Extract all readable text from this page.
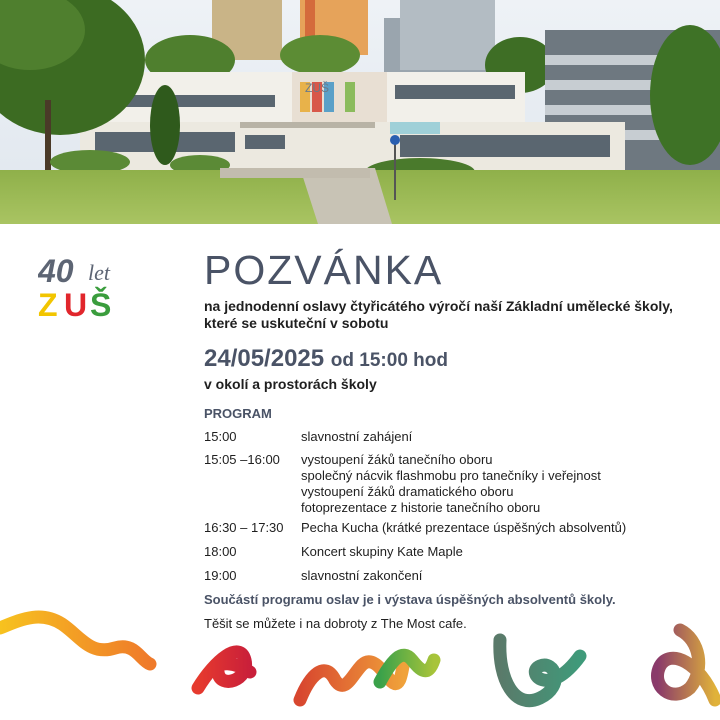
ZUŠ
40 let
Z U Š
POZVÁNKA
na jednodenní oslavy čtyřicátého výročí naší Základní umělecké školy,
které se uskuteční v sobotu
24/05/2025 od 15:00 hod
v okolí a prostorách školy
PROGRAM
15:00	slavnostní zahájení
15:05 –16:00	vystoupení žáků tanečního oboru
společný nácvik flashmobu pro tanečníky i veřejnost
vystoupení žáků dramatického oboru
fotoprezentace z historie tanečního oboru
16:30 – 17:30	Pecha Kucha (krátké prezentace úspěšných absolventů)
18:00	Koncert skupiny Kate Maple
19:00	slavnostní zakončení
Součástí programu oslav je i výstava úspěšných absolventů školy.
Těšit se můžete i na dobroty z The Most cafe.
